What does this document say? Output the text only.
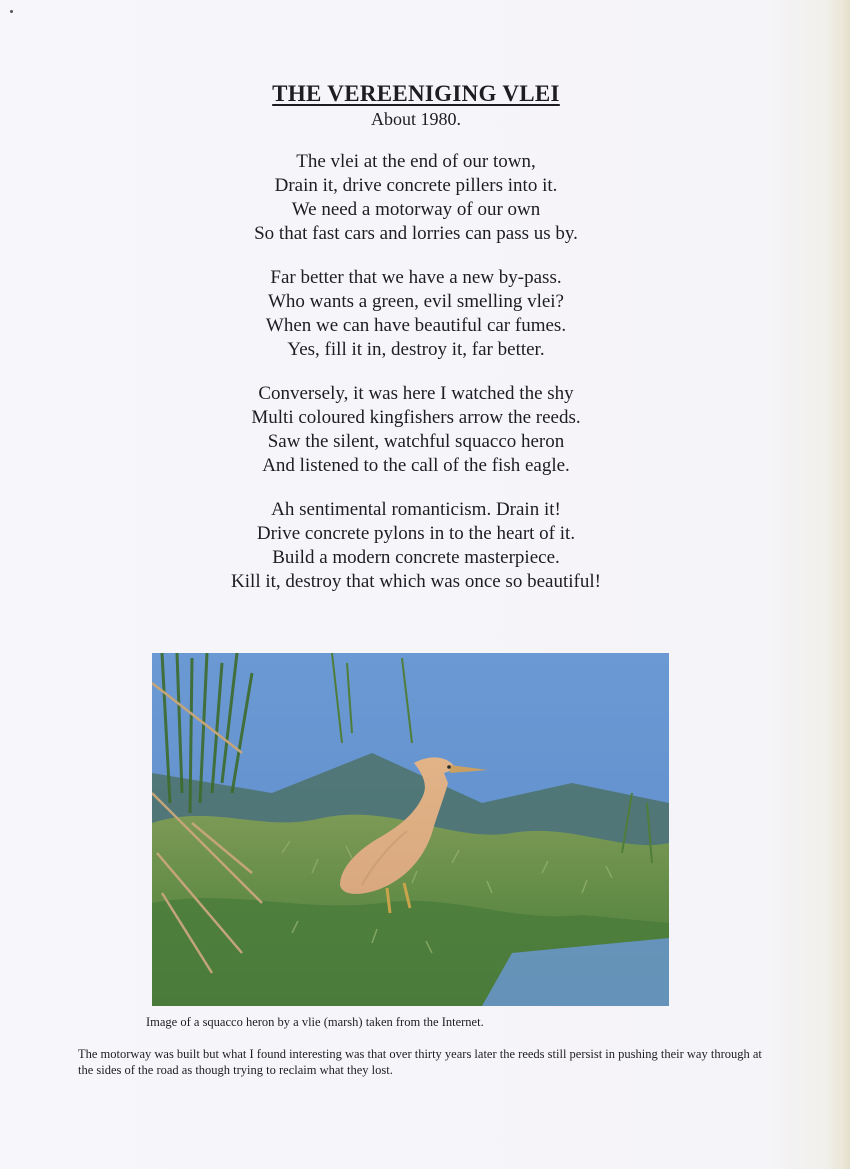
THE VEREENIGING VLEI
About 1980.
The vlei at the end of our town,
Drain it, drive concrete pillers into it.
We need a motorway of our own
So that fast cars and lorries can pass us by.
Far better that we have a new by-pass.
Who wants a green, evil smelling vlei?
When we can have beautiful car fumes.
Yes, fill it in, destroy it, far better.
Conversely, it was here I watched the shy
Multi coloured kingfishers arrow the reeds.
Saw the silent, watchful squacco heron
And listened to the call of the fish eagle.
Ah sentimental romanticism. Drain it!
Drive concrete pylons in to the heart of it.
Build a modern concrete masterpiece.
Kill it, destroy that which was once so beautiful!
Image of a squacco heron by a vlie (marsh) taken from the Internet.
The motorway was built but what I found interesting was that over thirty years later the reeds still persist in pushing their way through at the sides of the road as though trying to reclaim what they lost.
